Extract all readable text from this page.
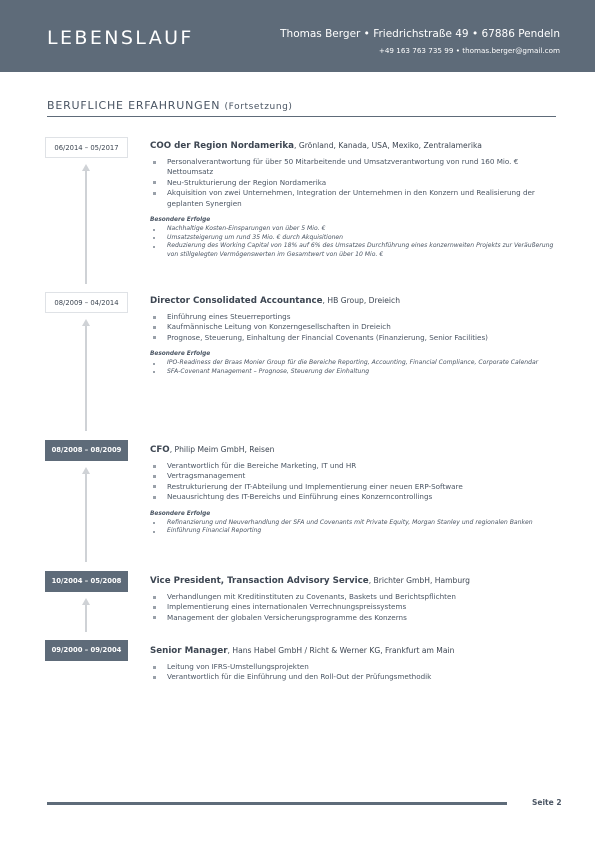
LEBENSLAUF	Thomas Berger • Friedrichstraße 49 • 67886 Pendeln
+49 163 763 735 99 • thomas.berger@gmail.com
BERUFLICHE ERFAHRUNGEN (Fortsetzung)
06/2014 – 05/2017
08/2009 – 04/2014
08/2008 – 08/2009
10/2004 – 05/2008
09/2000 – 09/2004
COO der Region Nordamerika, Grönland, Kanada, USA, Mexiko, Zentralamerika
Personalverantwortung für über 50 Mitarbeitende und Umsatzverantwortung von rund 160 Mio. € Nettoumsatz
Neu-Strukturierung der Region Nordamerika
Akquisition von zwei Unternehmen, Integration der Unternehmen in den Konzern und Realisierung der geplanten Synergien
Besondere Erfolge
Nachhaltige Kosten-Einsparungen von über 5 Mio. €
Umsatzsteigerung um rund 35 Mio. € durch Akquisitionen
Reduzierung des Working Capital von 18% auf 6% des Umsatzes Durchführung eines konzernweiten Projekts zur Veräußerung von stillgelegten Vermögenswerten im Gesamtwert von über 10 Mio. €
Director Consolidated Accountance, HB Group, Dreieich
Einführung eines Steuerreportings
Kaufmännische Leitung von Konzerngesellschaften in Dreieich
Prognose, Steuerung, Einhaltung der Financial Covenants (Finanzierung, Senior Facilities)
Besondere Erfolge
IPO-Readiness der Braas Monier Group für die Bereiche Reporting, Accounting, Financial Compliance, Corporate Calendar
SFA-Covenant Management – Prognose, Steuerung der Einhaltung
CFO, Philip Meim GmbH, Reisen
Verantwortlich für die Bereiche Marketing, IT und HR
Vertragsmanagement
Restrukturierung der IT-Abteilung und Implementierung einer neuen ERP-Software
Neuausrichtung des IT-Bereichs und Einführung eines Konzerncontrollings
Besondere Erfolge
Refinanzierung und Neuverhandlung der SFA und Covenants mit Private Equity, Morgan Stanley und regionalen Banken
Einführung Financial Reporting
Vice President, Transaction Advisory Service, Brichter GmbH, Hamburg
Verhandlungen mit Kreditinstituten zu Covenants, Baskets und Berichtspflichten
Implementierung eines internationalen Verrechnungspreissystems
Management der globalen Versicherungsprogramme des Konzerns
Senior Manager, Hans Habel GmbH / Richt & Werner KG, Frankfurt am Main
Leitung von IFRS-Umstellungsprojekten
Verantwortlich für die Einführung und den Roll-Out der Prüfungsmethodik
Seite 2
